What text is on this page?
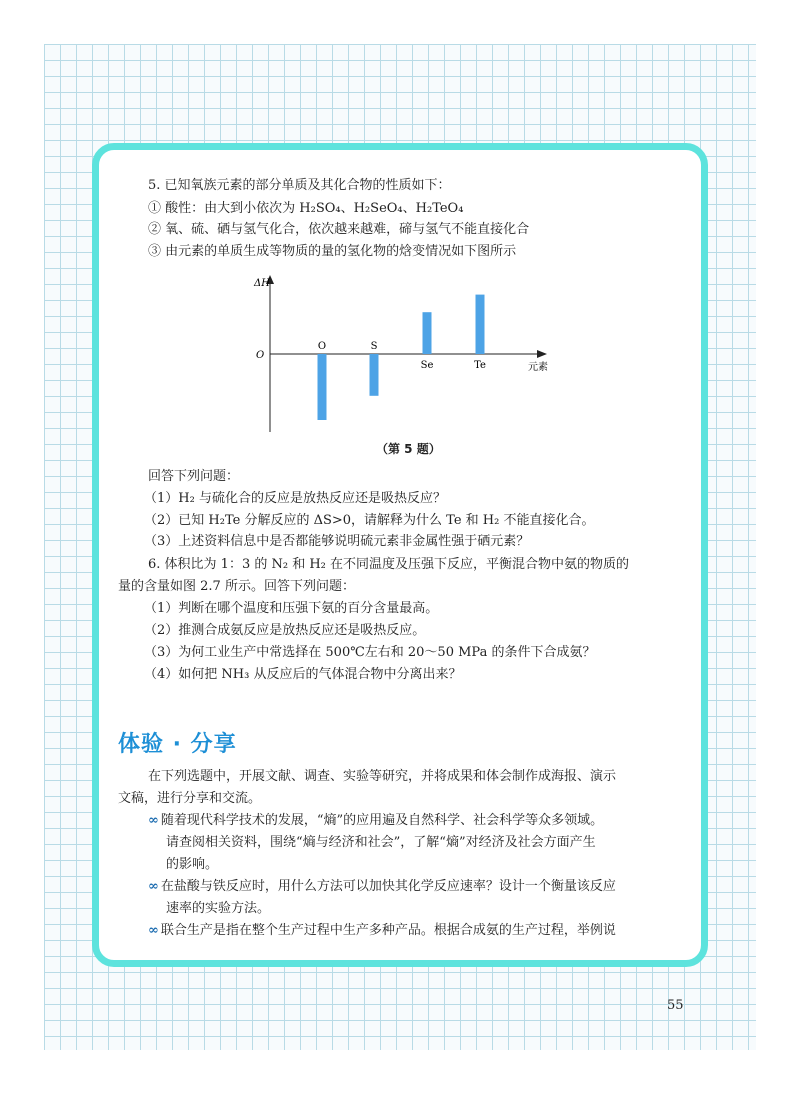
5. 已知氧族元素的部分单质及其化合物的性质如下：
① 酸性：由大到小依次为 H₂SO₄、H₂SeO₄、H₂TeO₄
② 氧、硫、硒与氢气化合，依次越来越难，碲与氢气不能直接化合
③ 由元素的单质生成等物质的量的氢化物的焓变情况如下图所示
ΔH
O
元素
O	S
Se	Te
（第 5 题）
回答下列问题：
（1）H₂ 与硫化合的反应是放热反应还是吸热反应？
（2）已知 H₂Te 分解反应的 ΔS>0，请解释为什么 Te 和 H₂ 不能直接化合。
（3）上述资料信息中是否都能够说明硫元素非金属性强于硒元素？
6. 体积比为 1：3 的 N₂ 和 H₂ 在不同温度及压强下反应，平衡混合物中氨的物质的
量的含量如图 2.7 所示。回答下列问题：
（1）判断在哪个温度和压强下氨的百分含量最高。
（2）推测合成氨反应是放热反应还是吸热反应。
（3）为何工业生产中常选择在 500℃左右和 20～50 MPa 的条件下合成氨？
（4）如何把 NH₃ 从反应后的气体混合物中分离出来？
体验 · 分享
在下列选题中，开展文献、调查、实验等研究，并将成果和体会制作成海报、演示
文稿，进行分享和交流。
∞ 随着现代科学技术的发展，“熵”的应用遍及自然科学、社会科学等众多领域。
请查阅相关资料，围绕“熵与经济和社会”，了解“熵”对经济及社会方面产生
的影响。
∞ 在盐酸与铁反应时，用什么方法可以加快其化学反应速率？设计一个衡量该反应
速率的实验方法。
∞ 联合生产是指在整个生产过程中生产多种产品。根据合成氨的生产过程，举例说
55
